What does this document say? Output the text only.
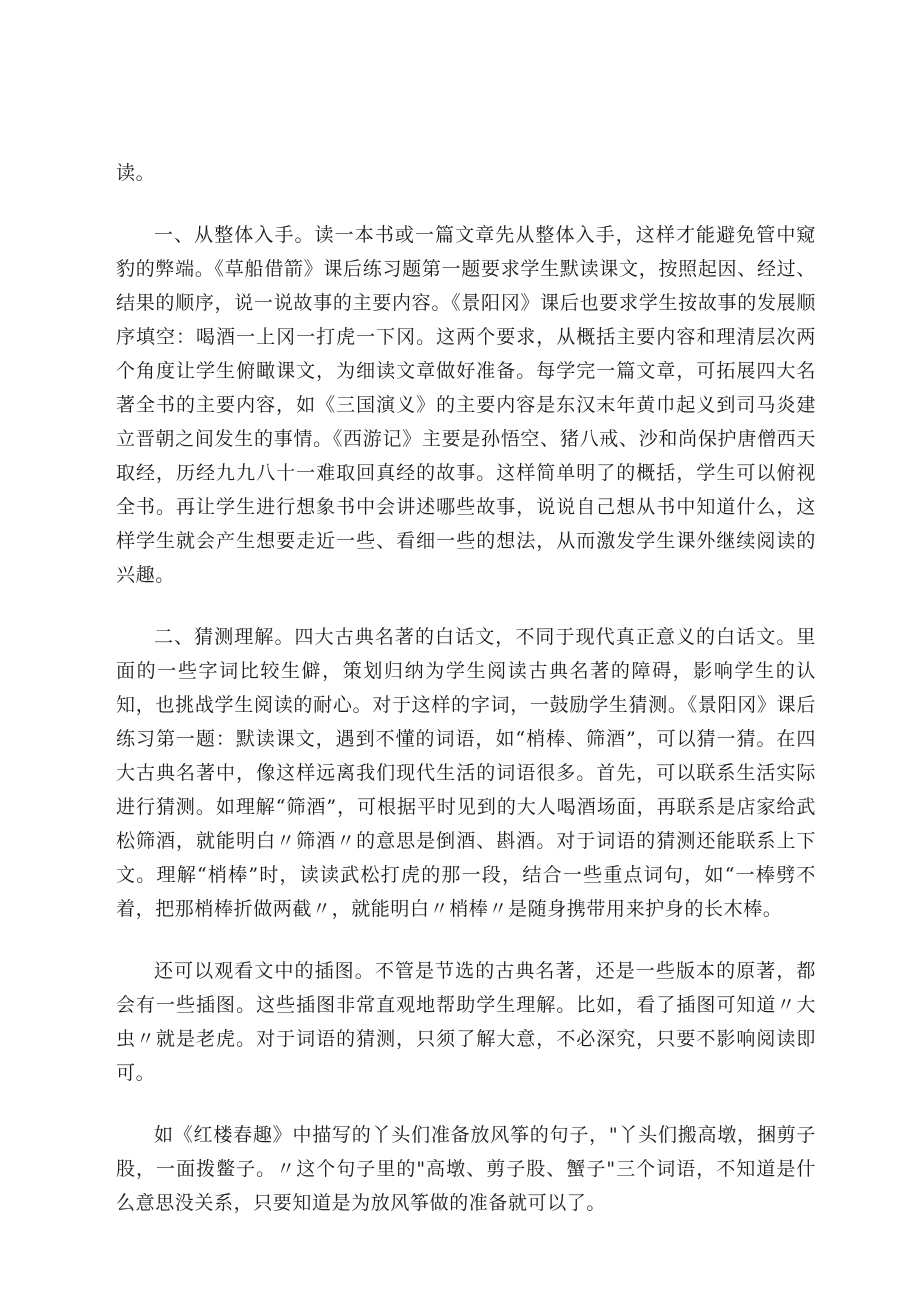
读。

一、从整体入手。读一本书或一篇文章先从整体入手，这样才能避免管中窥豹的弊端。《草船借箭》课后练习题第一题要求学生默读课文，按照起因、经过、结果的顺序，说一说故事的主要内容。《景阳冈》课后也要求学生按故事的发展顺序填空：喝酒一上冈一打虎一下冈。这两个要求，从概括主要内容和理清层次两个角度让学生俯瞰课文，为细读文章做好准备。每学完一篇文章，可拓展四大名著全书的主要内容，如《三国演义》的主要内容是东汉末年黄巾起义到司马炎建立晋朝之间发生的事情。《西游记》主要是孙悟空、猪八戒、沙和尚保护唐僧西天取经，历经九九八十一难取回真经的故事。这样简单明了的概括，学生可以俯视全书。再让学生进行想象书中会讲述哪些故事，说说自己想从书中知道什么，这样学生就会产生想要走近一些、看细一些的想法，从而激发学生课外继续阅读的兴趣。

二、猜测理解。四大古典名著的白话文，不同于现代真正意义的白话文。里面的一些字词比较生僻，策划归纳为学生阅读古典名著的障碍，影响学生的认知，也挑战学生阅读的耐心。对于这样的字词，一鼓励学生猜测。《景阳冈》课后练习第一题：默读课文，遇到不懂的词语，如“梢棒、筛酒”，可以猜一猜。在四大古典名著中，像这样远离我们现代生活的词语很多。首先，可以联系生活实际进行猜测。如理解“筛酒”，可根据平时见到的大人喝酒场面，再联系是店家给武松筛酒，就能明白〃筛酒〃的意思是倒酒、斟酒。对于词语的猜测还能联系上下文。理解“梢棒”时，读读武松打虎的那一段，结合一些重点词句，如“一棒劈不着，把那梢棒折做两截〃，就能明白〃梢棒〃是随身携带用来护身的长木棒。

还可以观看文中的插图。不管是节选的古典名著，还是一些版本的原著，都会有一些插图。这些插图非常直观地帮助学生理解。比如，看了插图可知道〃大虫〃就是老虎。对于词语的猜测，只须了解大意，不必深究，只要不影响阅读即可。

如《红楼春趣》中描写的丫头们准备放风筝的句子，"丫头们搬高墩，捆剪子股，一面拨鳖子。〃这个句子里的"高墩、剪子股、蟹子"三个词语，不知道是什么意思没关系，只要知道是为放风筝做的准备就可以了。
